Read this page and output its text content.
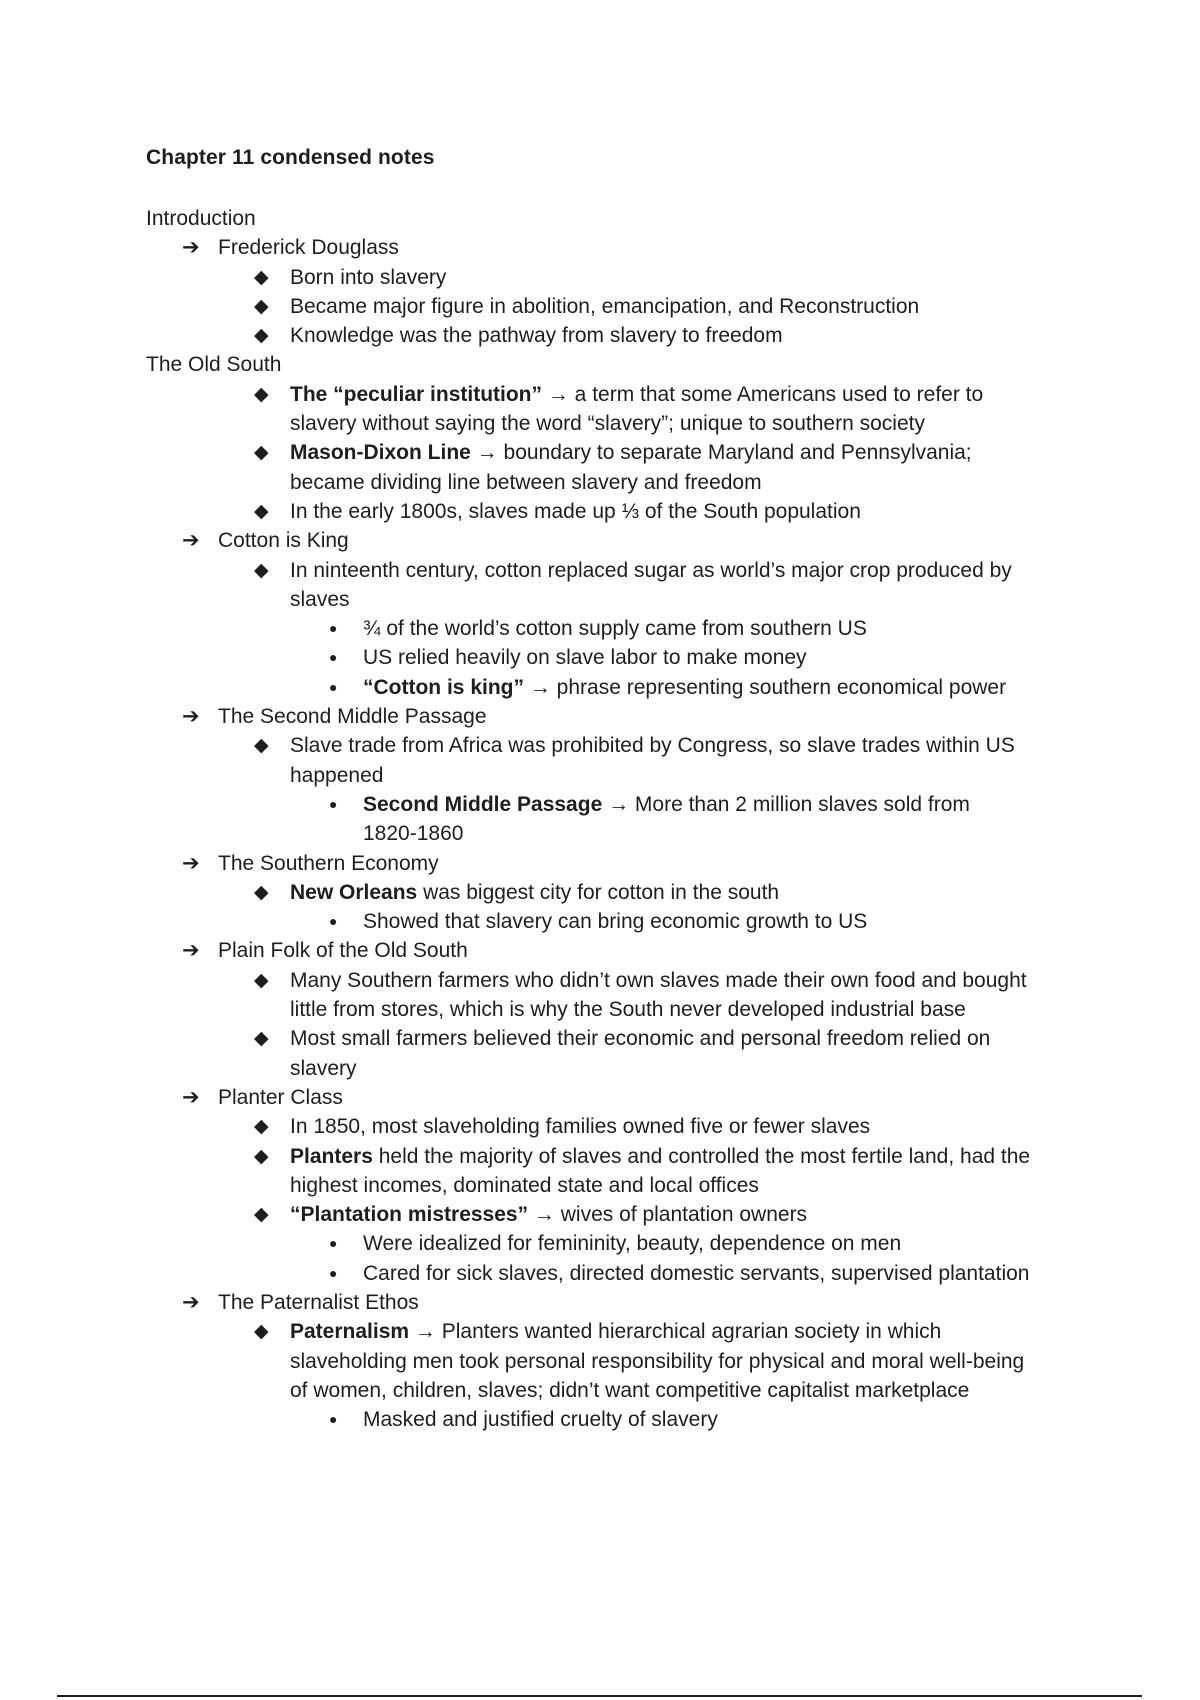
Chapter 11 condensed notes
Introduction
➔ Frederick Douglass
◆ Born into slavery
◆ Became major figure in abolition, emancipation, and Reconstruction
◆ Knowledge was the pathway from slavery to freedom
The Old South
◆ The “peculiar institution” → a term that some Americans used to refer to
slavery without saying the word “slavery”; unique to southern society
◆ Mason-Dixon Line → boundary to separate Maryland and Pennsylvania;
became dividing line between slavery and freedom
◆ In the early 1800s, slaves made up ⅓ of the South population
➔ Cotton is King
◆ In ninteenth century, cotton replaced sugar as world’s major crop produced by
slaves
● ¾ of the world’s cotton supply came from southern US
● US relied heavily on slave labor to make money
● “Cotton is king” → phrase representing southern economical power
➔ The Second Middle Passage
◆ Slave trade from Africa was prohibited by Congress, so slave trades within US
happened
● Second Middle Passage → More than 2 million slaves sold from
1820-1860
➔ The Southern Economy
◆ New Orleans was biggest city for cotton in the south
● Showed that slavery can bring economic growth to US
➔ Plain Folk of the Old South
◆ Many Southern farmers who didn’t own slaves made their own food and bought
little from stores, which is why the South never developed industrial base
◆ Most small farmers believed their economic and personal freedom relied on
slavery
➔ Planter Class
◆ In 1850, most slaveholding families owned five or fewer slaves
◆ Planters held the majority of slaves and controlled the most fertile land, had the
highest incomes, dominated state and local offices
◆ “Plantation mistresses” → wives of plantation owners
● Were idealized for femininity, beauty, dependence on men
● Cared for sick slaves, directed domestic servants, supervised plantation
➔ The Paternalist Ethos
◆ Paternalism → Planters wanted hierarchical agrarian society in which
slaveholding men took personal responsibility for physical and moral well-being
of women, children, slaves; didn’t want competitive capitalist marketplace
● Masked and justified cruelty of slavery
